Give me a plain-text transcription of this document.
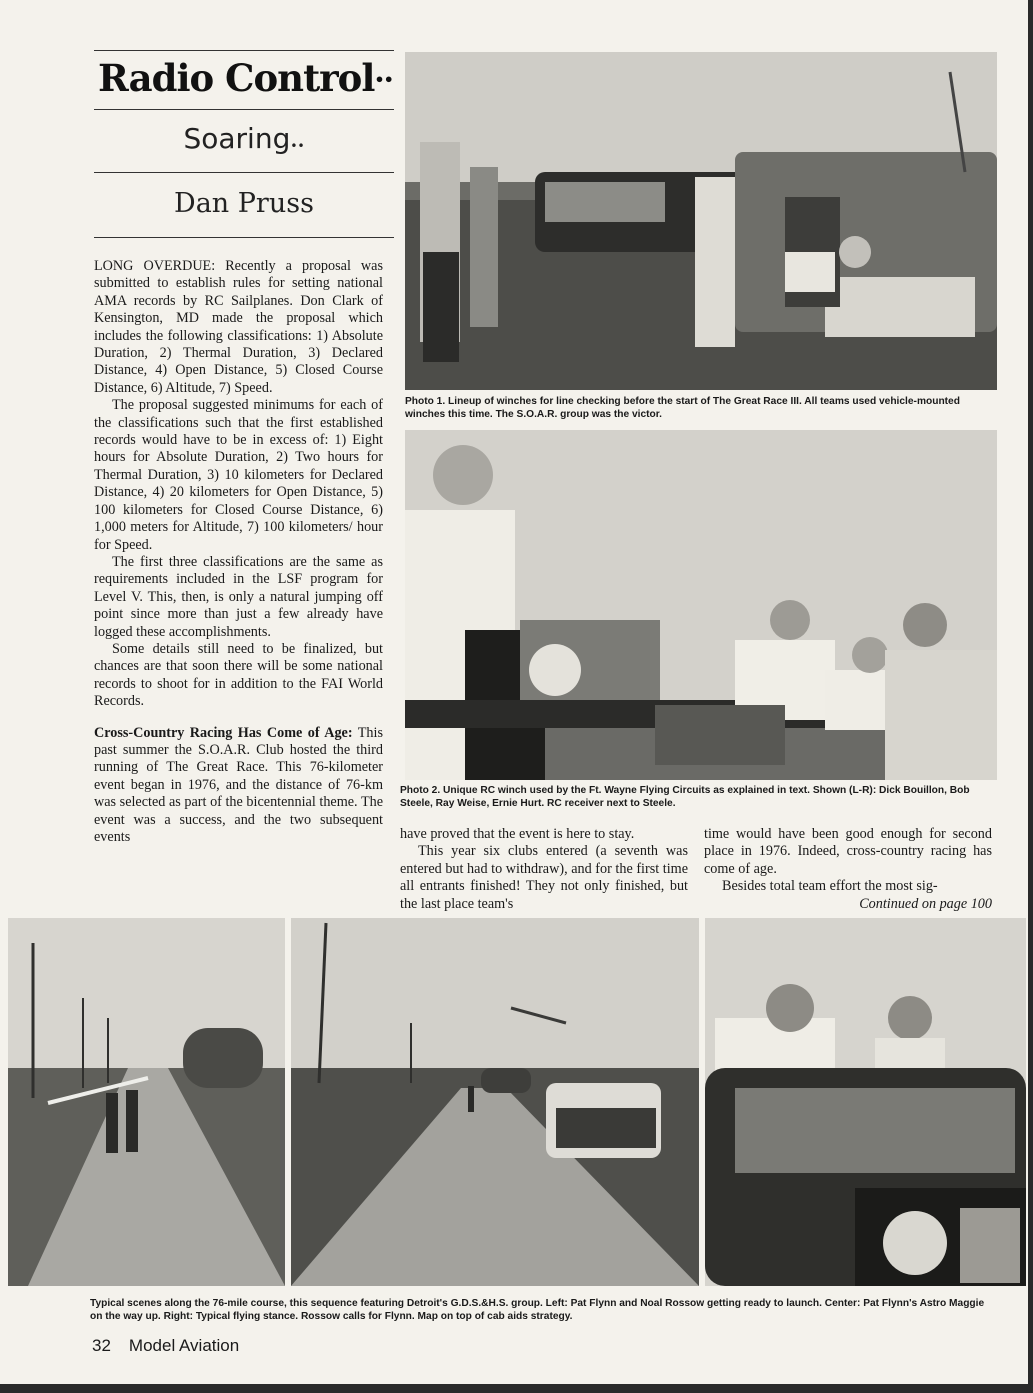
Radio Control••
Soaring••
Dan Pruss

LONG OVERDUE: Recently a proposal was submitted to establish rules for setting national AMA records by RC Sailplanes. Don Clark of Kensington, MD made the proposal which includes the following classifications: 1) Absolute Duration, 2) Thermal Duration, 3) Declared Distance, 4) Open Distance, 5) Closed Course Distance, 6) Altitude, 7) Speed.

The proposal suggested minimums for each of the classifications such that the first established records would have to be in excess of: 1) Eight hours for Absolute Duration, 2) Two hours for Thermal Duration, 3) 10 kilometers for Declared Distance, 4) 20 kilometers for Open Distance, 5) 100 kilometers for Closed Course Distance, 6) 1,000 meters for Altitude, 7) 100 kilometers/ hour for Speed.

The first three classifications are the same as requirements included in the LSF program for Level V. This, then, is only a natural jumping off point since more than just a few already have logged these accomplishments.

Some details still need to be finalized, but chances are that soon there will be some national records to shoot for in addition to the FAI World Records.

Cross-Country Racing Has Come of Age: This past summer the S.O.A.R. Club hosted the third running of The Great Race. This 76-kilometer event began in 1976, and the distance of 76-km was selected as part of the bicentennial theme. The event was a success, and the two subsequent events

Photo 1. Lineup of winches for line checking before the start of The Great Race III. All teams used vehicle-mounted winches this time. The S.O.A.R. group was the victor.
Photo 2. Unique RC winch used by the Ft. Wayne Flying Circuits as explained in text. Shown (L-R): Dick Bouillon, Bob Steele, Ray Weise, Ernie Hurt. RC receiver next to Steele.

have proved that the event is here to stay.

This year six clubs entered (a seventh was entered but had to withdraw), and for the first time all entrants finished! They not only finished, but the last place team's

time would have been good enough for second place in 1976. Indeed, cross-country racing has come of age.

Besides total team effort the most sig-

Continued on page 100
Typical scenes along the 76-mile course, this sequence featuring Detroit's G.D.S.&H.S. group. Left: Pat Flynn and Noal Rossow getting ready to launch. Center: Pat Flynn's Astro Maggie on the way up. Right: Typical flying stance. Rossow calls for Flynn. Map on top of cab aids strategy.
32 Model Aviation
